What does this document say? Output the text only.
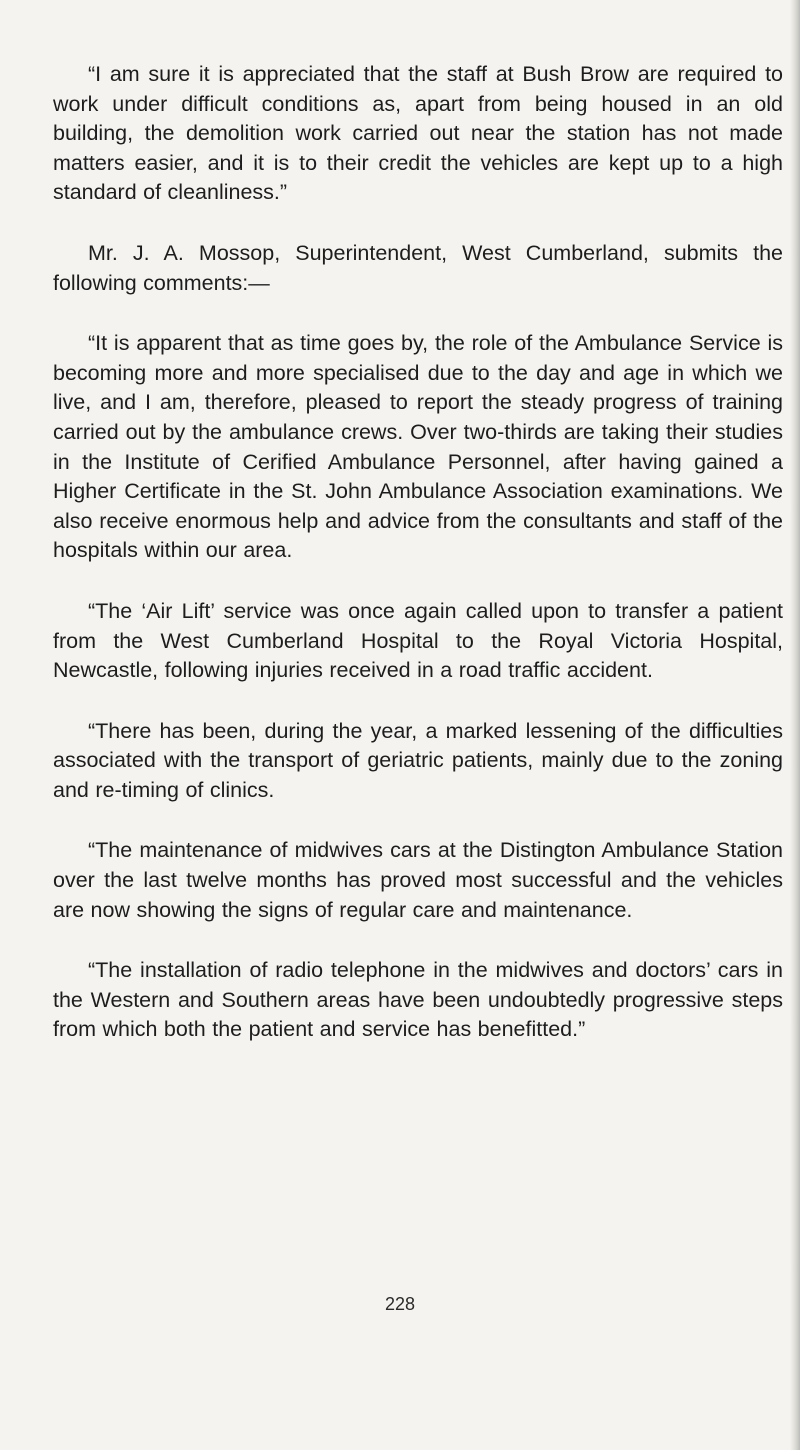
“I am sure it is appreciated that the staff at Bush Brow are required to work under difficult conditions as, apart from being housed in an old building, the demolition work carried out near the station has not made matters easier, and it is to their credit the vehicles are kept up to a high standard of cleanliness.”

Mr. J. A. Mossop, Superintendent, West Cumberland, submits the following comments:—

“It is apparent that as time goes by, the role of the Ambulance Service is becoming more and more specialised due to the day and age in which we live, and I am, therefore, pleased to report the steady progress of training carried out by the ambulance crews. Over two-thirds are taking their studies in the Institute of Cerified Ambulance Personnel, after having gained a Higher Certificate in the St. John Ambulance Association examinations. We also receive enormous help and advice from the consultants and staff of the hospitals within our area.

“The ‘Air Lift’ service was once again called upon to transfer a patient from the West Cumberland Hospital to the Royal Victoria Hospital, Newcastle, following injuries received in a road traffic accident.

“There has been, during the year, a marked lessening of the difficulties associated with the transport of geriatric patients, mainly due to the zoning and re-timing of clinics.

“The maintenance of midwives cars at the Distington Ambulance Station over the last twelve months has proved most successful and the vehicles are now showing the signs of regular care and maintenance.

“The installation of radio telephone in the midwives and doctors’ cars in the Western and Southern areas have been undoubtedly progressive steps from which both the patient and service has benefitted.”

228
